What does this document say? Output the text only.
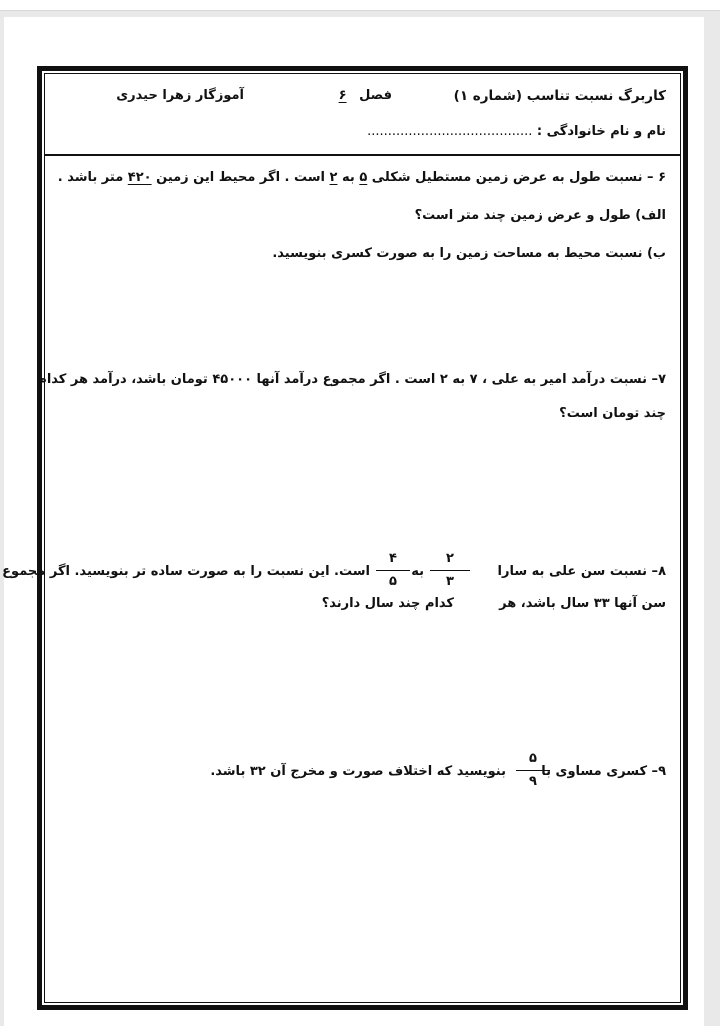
کاربرگ نسبت تناسب (شماره ۱)
فصل ۶
آموزگار زهرا حیدری
نام و نام خانوادگی : ........................................
۶ – نسبت طول به عرض زمین مستطیل شکلی ۵ به ۲ است . اگر محیط این زمین ۴۲۰ متر باشد .
الف) طول و عرض زمین چند متر است؟
ب) نسبت محیط به مساحت زمین را به صورت کسری بنویسید.
۷– نسبت درآمد امیر به علی ، ۷ به ۲ است . اگر مجموع درآمد آنها ۴۵۰۰۰ تومان باشد، درآمد هر کدام
چند تومان است؟
۸– نسبت سن علی به سارا
۲
۳
به
۴
۵
است. این نسبت را به صورت ساده تر بنویسید. اگر مجموع
سن آنها ۳۳ سال باشد، هر
کدام چند سال دارند؟
۹– کسری مساوی با
۵
۹
بنویسید که اختلاف صورت و مخرج آن ۳۲ باشد.
